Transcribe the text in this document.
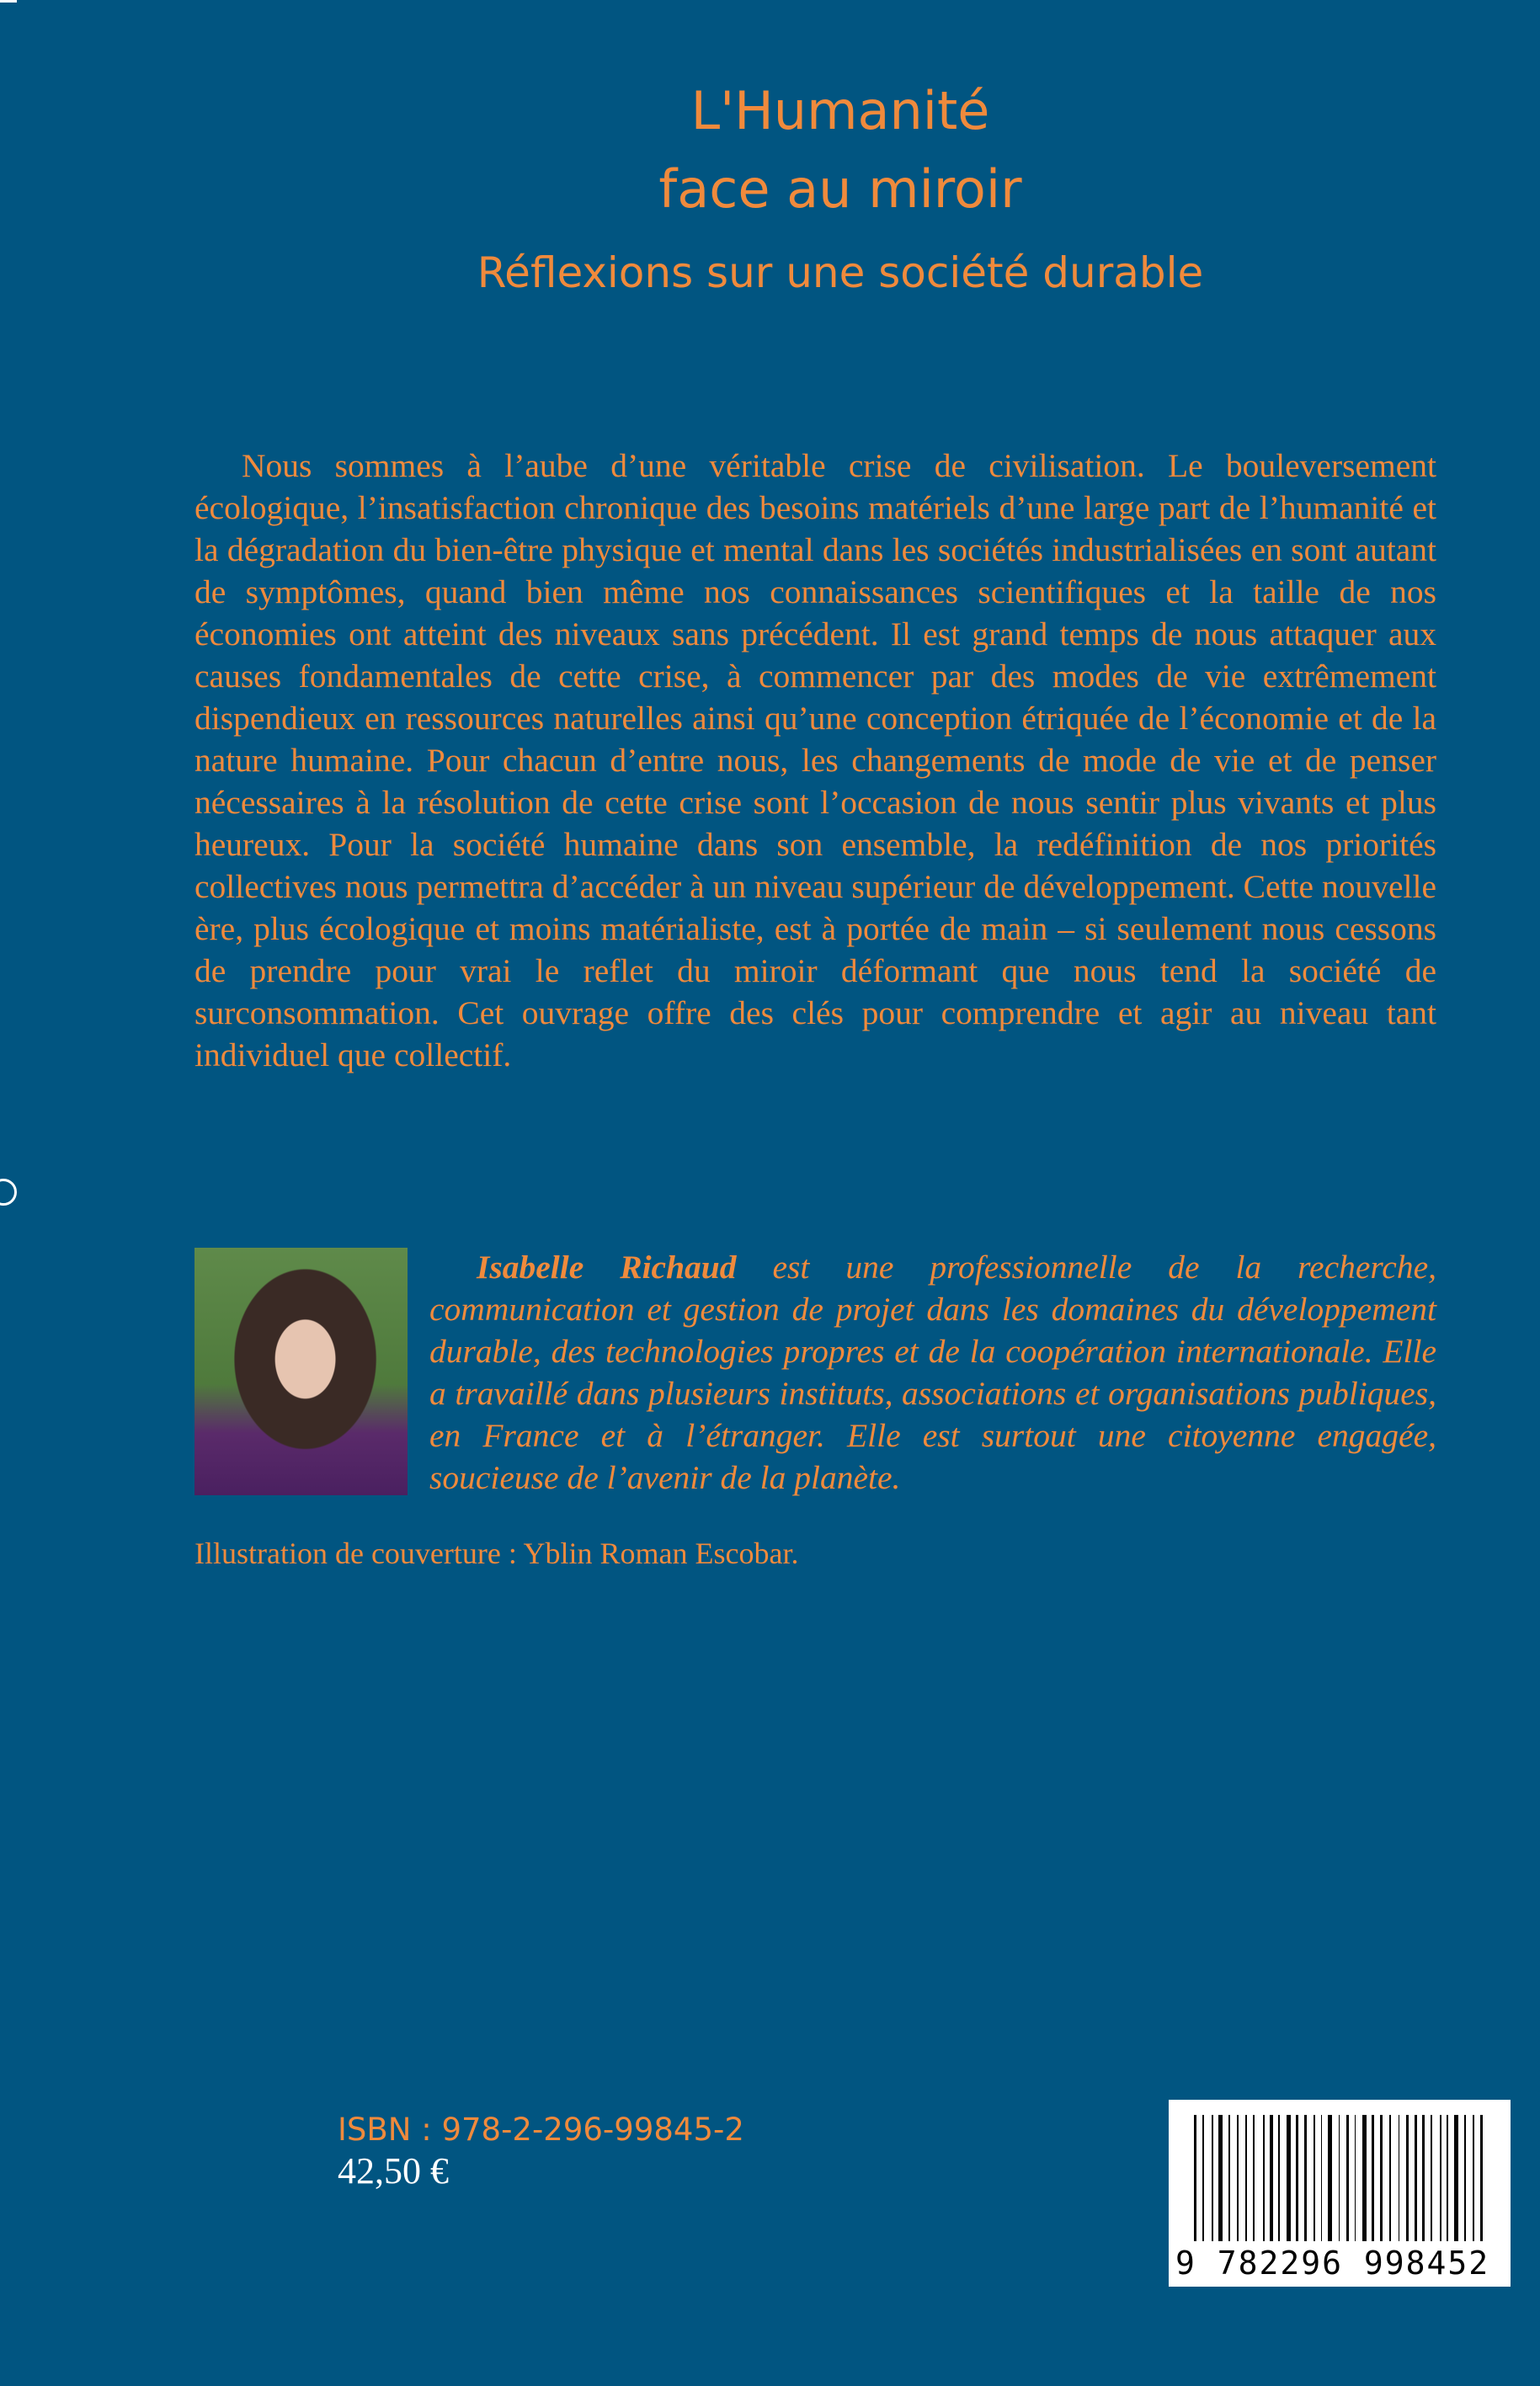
L'Humanité
face au miroir
Réflexions sur une société durable

Nous sommes à l’aube d’une véritable crise de civilisation. Le bouleversement écologique, l’insatisfaction chronique des besoins matériels d’une large part de l’humanité et la dégradation du bien-être physique et mental dans les sociétés industrialisées en sont autant de symptômes, quand bien même nos connaissances scientifiques et la taille de nos économies ont atteint des niveaux sans précédent. Il est grand temps de nous attaquer aux causes fondamentales de cette crise, à commencer par des modes de vie extrêmement dispendieux en ressources naturelles ainsi qu’une conception étriquée de l’économie et de la nature humaine. Pour chacun d’entre nous, les changements de mode de vie et de penser nécessaires à la résolution de cette crise sont l’occasion de nous sentir plus vivants et plus heureux. Pour la société humaine dans son ensemble, la redéfinition de nos priorités collectives nous permettra d’accéder à un niveau supérieur de développement. Cette nouvelle ère, plus écologique et moins matérialiste, est à portée de main – si seulement nous cessons de prendre pour vrai le reflet du miroir déformant que nous tend la société de surconsommation. Cet ouvrage offre des clés pour comprendre et agir au niveau tant individuel que collectif.

Isabelle Richaud est une professionnelle de la recherche, communication et gestion de projet dans les domaines du développement durable, des technologies propres et de la coopération internationale. Elle a travaillé dans plusieurs instituts, associations et organisations publiques, en France et à l’étranger. Elle est surtout une citoyenne engagée, soucieuse de l’avenir de la planète.

Illustration de couverture : Yblin Roman Escobar.
ISBN : 978-2-296-99845-2
42,50 €
9 782296 998452
